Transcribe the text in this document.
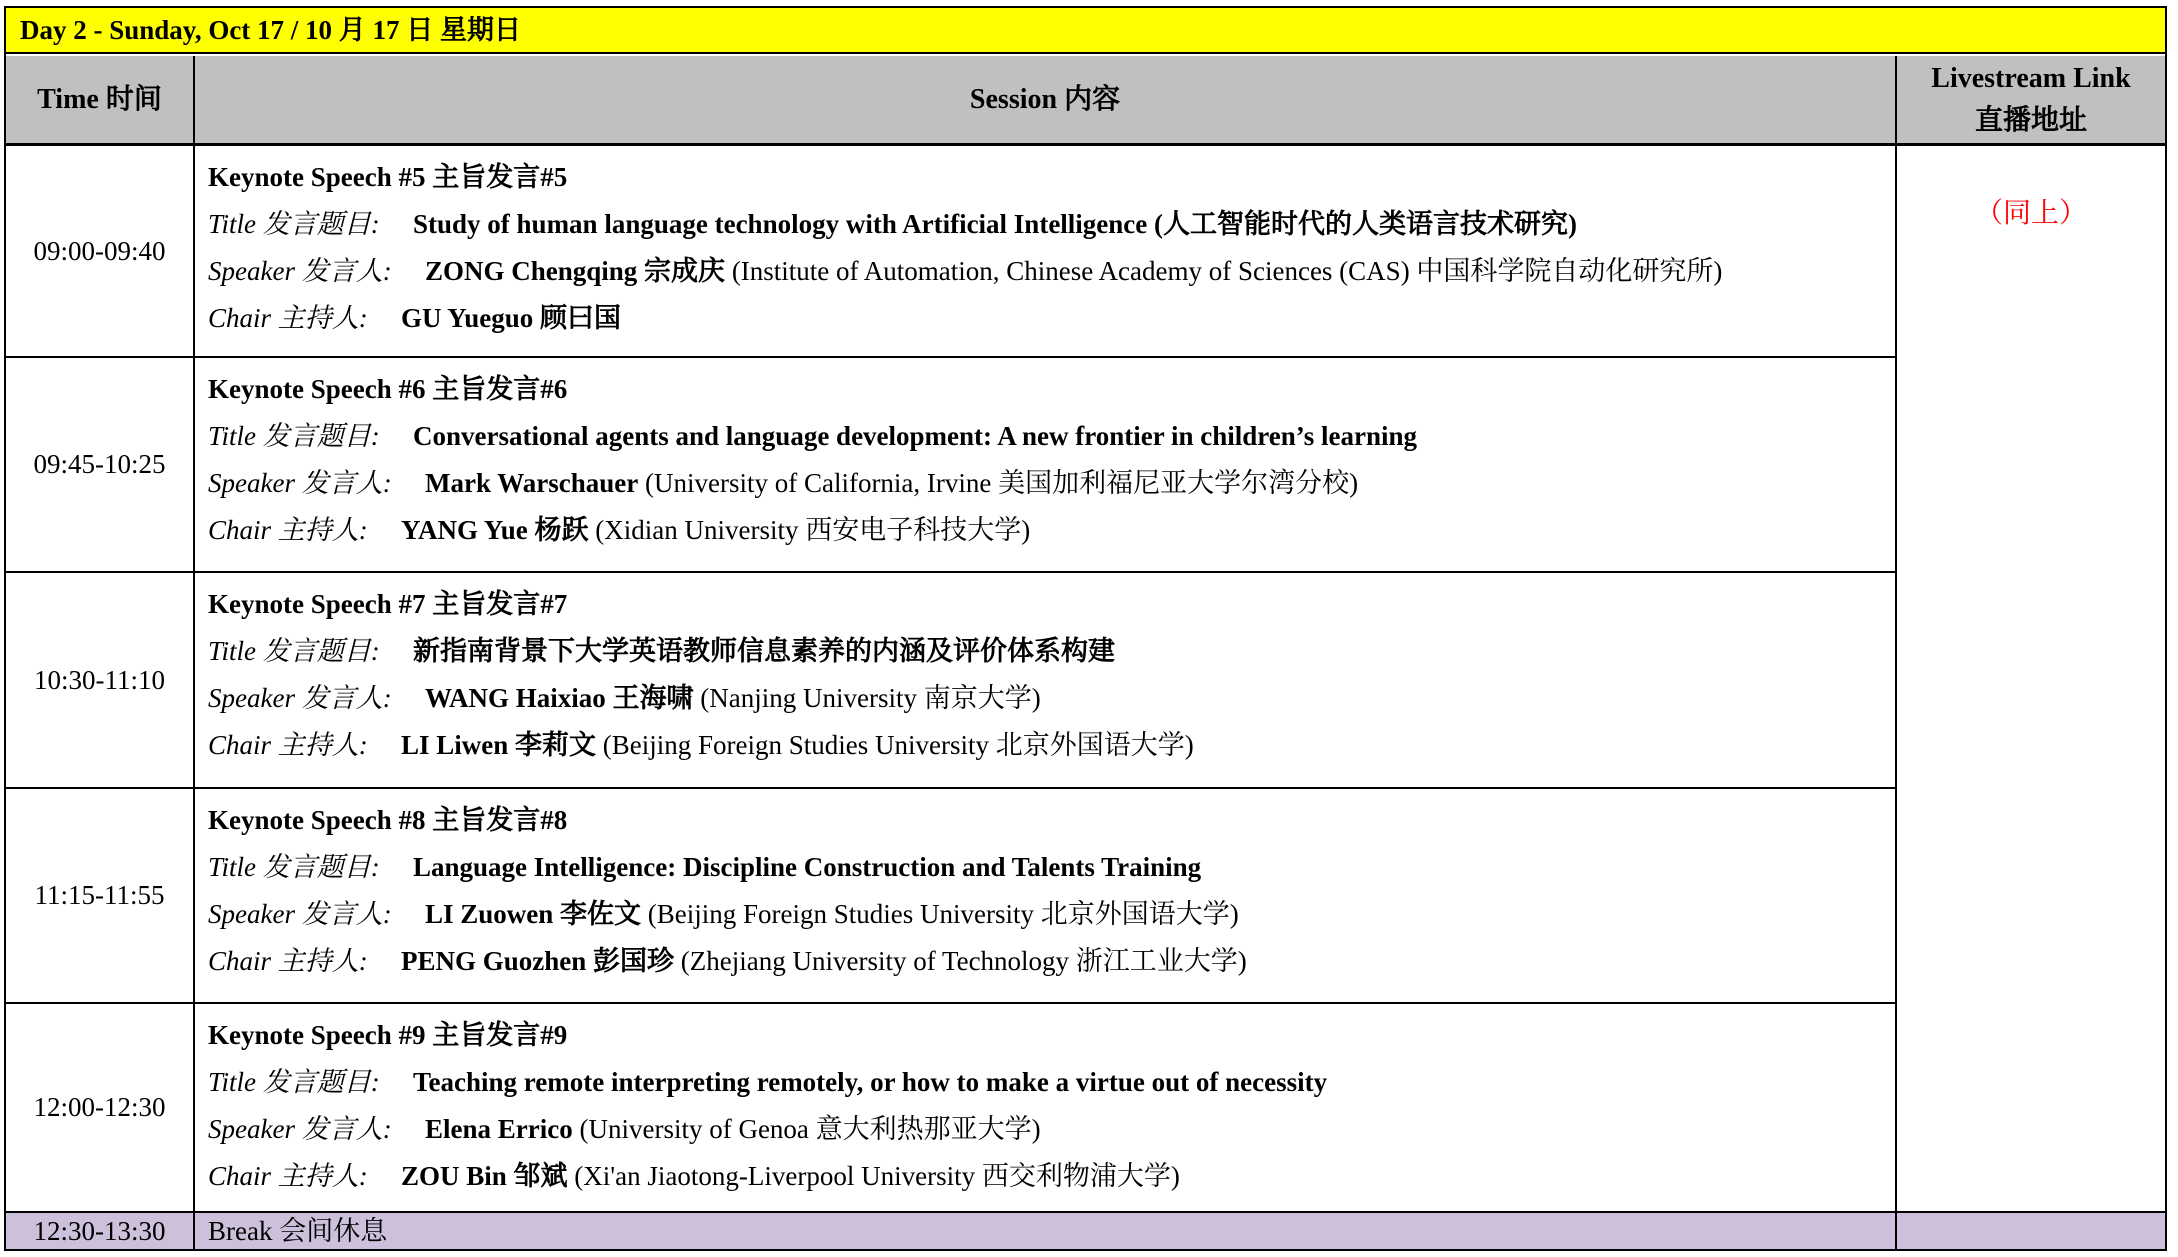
Day 2 - Sunday, Oct 17 / 10 月 17 日 星期日
Time 时间	Session 内容
Livestream Link
直播地址
09:00-09:40
Keynote Speech #5 主旨发言#5
Title 发言题目: Study of human language technology with Artificial Intelligence (人工智能时代的人类语言技术研究)
Speaker 发言人: ZONG Chengqing 宗成庆 (Institute of Automation, Chinese Academy of Sciences (CAS) 中国科学院自动化研究所)
Chair 主持人: GU Yueguo 顾曰国
09:45-10:25
Keynote Speech #6 主旨发言#6
Title 发言题目: Conversational agents and language development: A new frontier in children’s learning
Speaker 发言人: Mark Warschauer (University of California, Irvine 美国加利福尼亚大学尔湾分校)
Chair 主持人: YANG Yue 杨跃 (Xidian University 西安电子科技大学)
10:30-11:10
Keynote Speech #7 主旨发言#7
Title 发言题目: 新指南背景下大学英语教师信息素养的内涵及评价体系构建
Speaker 发言人: WANG Haixiao 王海啸 (Nanjing University 南京大学)
Chair 主持人: LI Liwen 李莉文 (Beijing Foreign Studies University 北京外国语大学)
11:15-11:55
Keynote Speech #8 主旨发言#8
Title 发言题目: Language Intelligence: Discipline Construction and Talents Training
Speaker 发言人: LI Zuowen 李佐文 (Beijing Foreign Studies University 北京外国语大学)
Chair 主持人: PENG Guozhen 彭国珍 (Zhejiang University of Technology 浙江工业大学)
12:00-12:30
Keynote Speech #9 主旨发言#9
Title 发言题目: Teaching remote interpreting remotely, or how to make a virtue out of necessity
Speaker 发言人: Elena Errico (University of Genoa 意大利热那亚大学)
Chair 主持人: ZOU Bin 邹斌 (Xi'an Jiaotong-Liverpool University 西交利物浦大学)
（同上）
12:30-13:30	Break 会间休息
